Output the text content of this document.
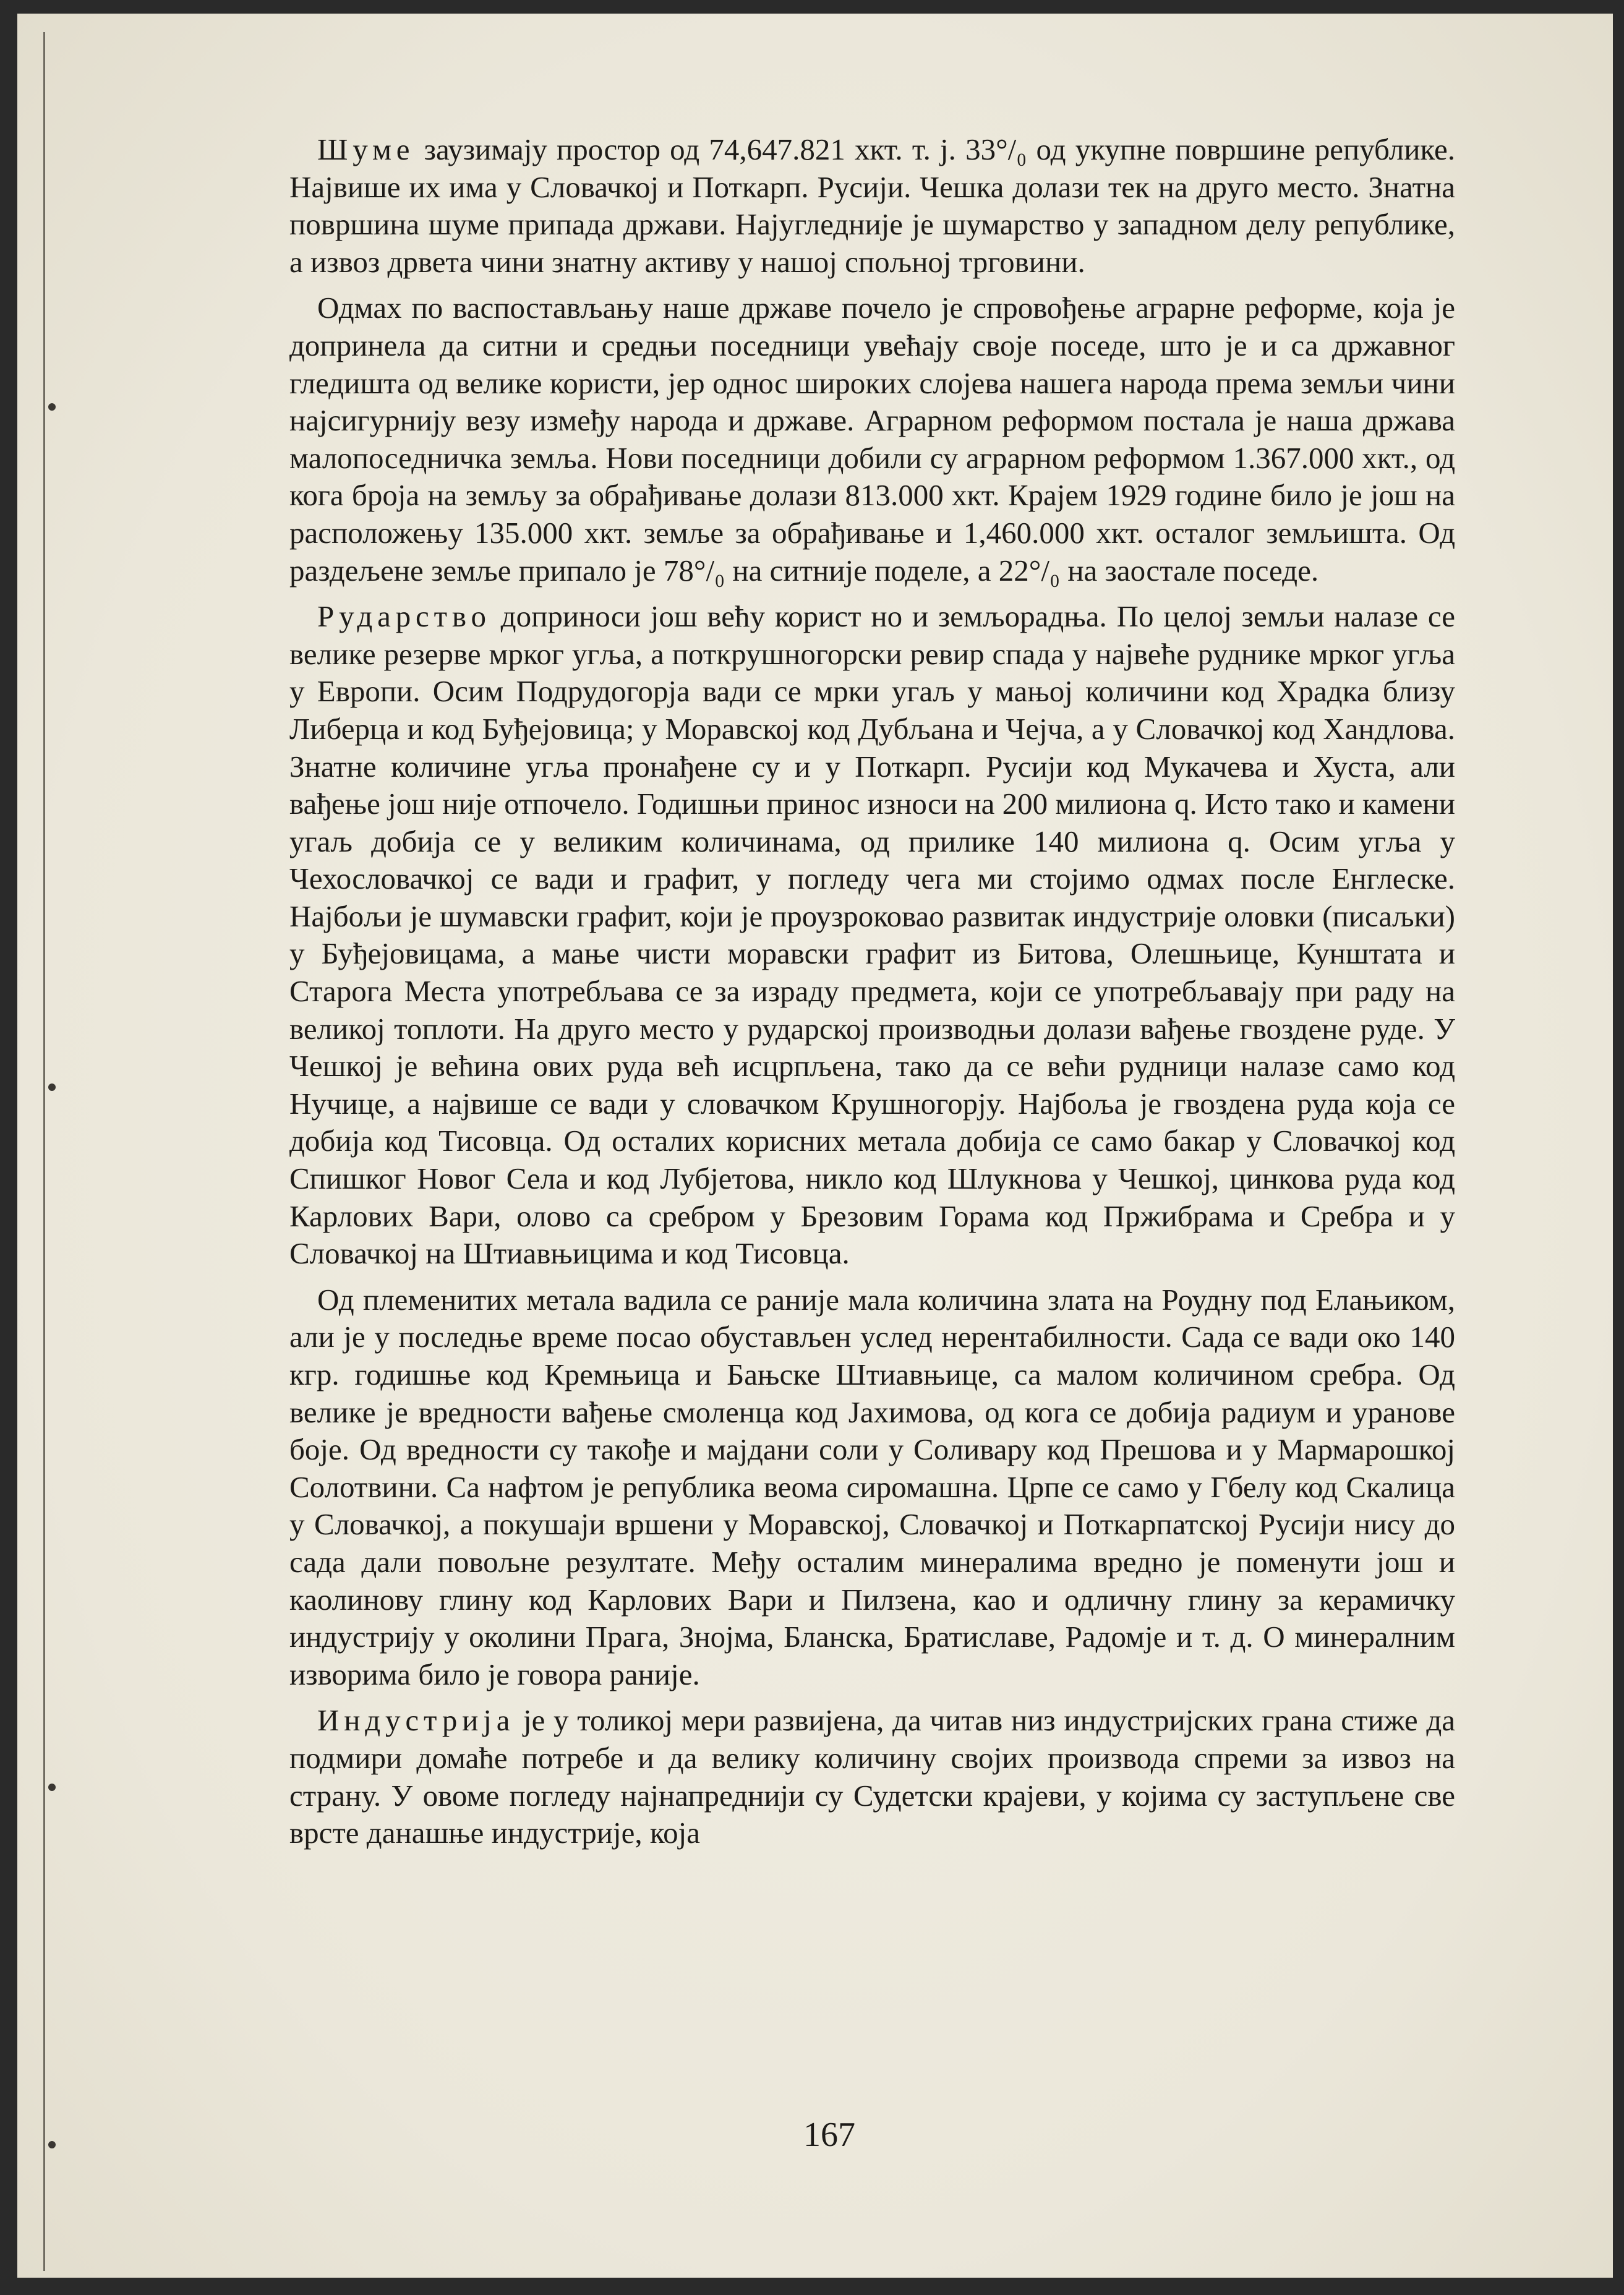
Шуме заузимају простор од 74,647.821 хкт. т. ј. 33°/₀ од укупне површине републике. Највише их има у Словачкој и Поткарп. Русији. Чешка долази тек на друго место. Знатна површина шуме припада држави. Најугледније је шумарство у западном делу републике, а извоз дрвета чини знатну активу у нашој спољној трговини.

Одмах по васпостављању наше државе почело је спровођење аграрне реформе, која је допринела да ситни и средњи поседници увећају своје поседе, што је и са државног гледишта од велике користи, јер однос широких слојева нашега народа према земљи чини најсигурнију везу између народа и државе. Аграрном реформом постала је наша држава малопоседничка земља. Нови поседници добили су аграрном реформом 1.367.000 хкт., од кога броја на земљу за обрађивање долази 813.000 хкт. Крајем 1929 године било је још на расположењу 135.000 хкт. земље за обрађивање и 1,460.000 хкт. осталог земљишта. Од раздељене земље припало је 78°/₀ на ситније поделе, а 22°/₀ на заостале поседе.

Рударство доприноси још већу корист но и земљорадња. По целој земљи налазе се велике резерве мрког угља, а поткрушногорски ревир спада у највеће руднике мрког угља у Европи. Осим Подрудогорја вади се мрки угаљ у мањој количини код Храдка близу Либерца и код Буђејовица; у Моравској код Дубљана и Чејча, а у Словачкој код Хандлова. Знатне количине угља пронађене су и у Поткарп. Русији код Мукачева и Хуста, али вађење још није отпочело. Годишњи принос износи на 200 милиона q. Исто тако и камени угаљ добија се у великим количинама, од прилике 140 милиона q. Осим угља у Чехословачкој се вади и графит, у погледу чега ми стојимо одмах после Енглеске. Најбољи је шумавски графит, који је проузроковао развитак индустрије оловки (писаљки) у Буђејовицама, а мање чисти моравски графит из Битова, Олешњице, Кунштата и Старога Места употребљава се за израду предмета, који се употребљавају при раду на великој топлоти. На друго место у рударској производњи долази вађење гвоздене руде. У Чешкој је већина ових руда већ исцрпљена, тако да се већи рудници налазе само код Нучице, а највише се вади у словачком Крушногорју. Најбоља је гвоздена руда која се добија код Тисовца. Од осталих корисних метала добија се само бакар у Словачкој код Спишког Новог Села и код Лубјетова, никло код Шлукнова у Чешкој, цинкова руда код Карлових Вари, олово са сребром у Брезовим Горама код Пржибрама и Сребра и у Словачкој на Штиавњицима и код Тисовца.

Од племенитих метала вадила се раније мала количина злата на Роудну под Елањиком, али је у последње време посао обустављен услед нерентабилности. Сада се вади око 140 кгр. годишње код Кремњица и Бањске Штиавњице, са малом количином сребра. Од велике је вредности вађење смоленца код Јахимова, од кога се добија радиум и уранове боје. Од вредности су такође и мајдани соли у Соливару код Прешова и у Мармарошкој Солотвини. Са нафтом је република веома сиромашна. Црпе се само у Гбелу код Скалица у Словачкој, а покушаји вршени у Моравској, Словачкој и Поткарпатској Русији нису до сада дали повољне резултате. Међу осталим минералима вредно је поменути још и каолинову глину код Карлових Вари и Пилзена, као и одличну глину за керамичку индустрију у околини Прага, Знојма, Бланска, Братиславе, Радомје и т. д. О минералним изворима било је говора раније.

Индустрија је у толикој мери развијена, да читав низ индустријских грана стиже да подмири домаће потребе и да велику количину својих производа спреми за извоз на страну. У овоме погледу најнапреднији су Судетски крајеви, у којима су заступљене све врсте данашње индустрије, која

167
